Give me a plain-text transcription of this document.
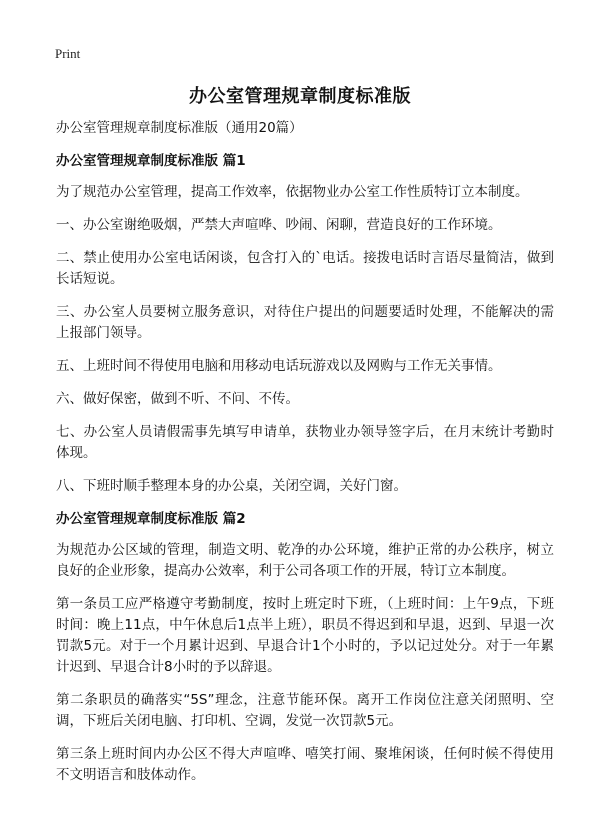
Print
办公室管理规章制度标准版

办公室管理规章制度标准版（通用20篇）

办公室管理规章制度标准版 篇1

为了规范办公室管理，提高工作效率，依据物业办公室工作性质特订立本制度。

一、办公室谢绝吸烟，严禁大声喧哗、吵闹、闲聊，营造良好的工作环境。

二、禁止使用办公室电话闲谈，包含打入的`电话。接拨电话时言语尽量简洁，做到长话短说。

三、办公室人员要树立服务意识，对待住户提出的问题要适时处理，不能解决的需上报部门领导。

五、上班时间不得使用电脑和用移动电话玩游戏以及网购与工作无关事情。

六、做好保密，做到不听、不问、不传。

七、办公室人员请假需事先填写申请单，获物业办领导签字后，在月末统计考勤时体现。

八、下班时顺手整理本身的办公桌，关闭空调，关好门窗。

办公室管理规章制度标准版 篇2

为规范办公区域的管理，制造文明、乾净的办公环境，维护正常的办公秩序，树立良好的企业形象，提高办公效率，利于公司各项工作的开展，特订立本制度。

第一条员工应严格遵守考勤制度，按时上班定时下班，（上班时间：上午9点，下班时间：晚上11点，中午休息后1点半上班），职员不得迟到和早退，迟到、早退一次罚款5元。对于一个月累计迟到、早退合计1个小时的，予以记过处分。对于一年累计迟到、早退合计8小时的予以辞退。

第二条职员的确落实“5S”理念，注意节能环保。离开工作岗位注意关闭照明、空调，下班后关闭电脑、打印机、空调，发觉一次罚款5元。

第三条上班时间内办公区不得大声喧哗、嘻笑打闹、聚堆闲谈，任何时候不得使用不文明语言和肢体动作。
